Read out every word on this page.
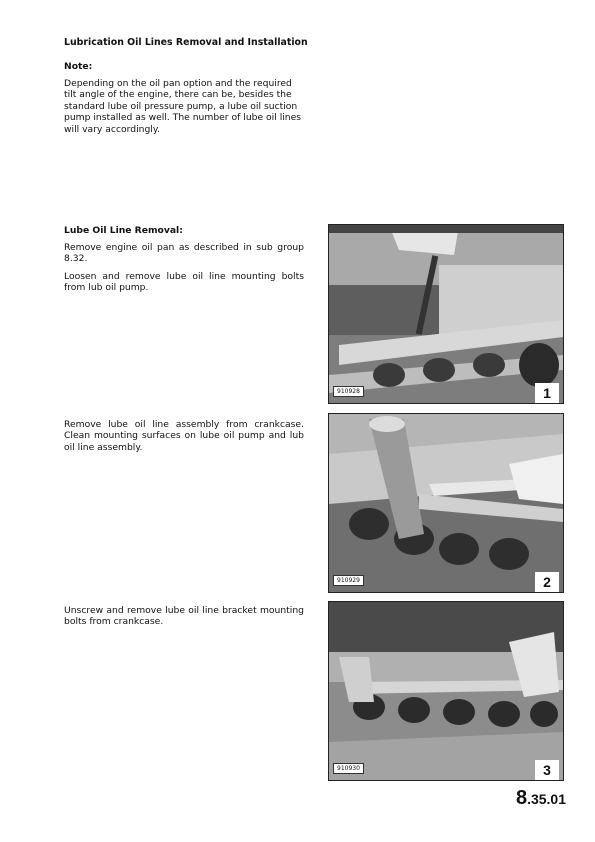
Lubrication Oil Lines Removal and Installation
Note:
Depending on the oil pan option and the required
tilt angle of the engine, there can be, besides the
standard lube oil pressure pump, a lube oil suction
pump installed as well. The number of lube oil lines
will vary accordingly.
Lube Oil Line Removal:
Remove engine oil pan as described in sub group
8.32.
Loosen and remove lube oil line mounting bolts
from lub oil pump.
Remove lube oil line assembly from crankcase.
Clean mounting surfaces on lube oil pump and lub
oil line assembly.
Unscrew and remove lube oil line bracket mounting
bolts from crankcase.
910928	1
910929	2
910930	3
8.35.01
